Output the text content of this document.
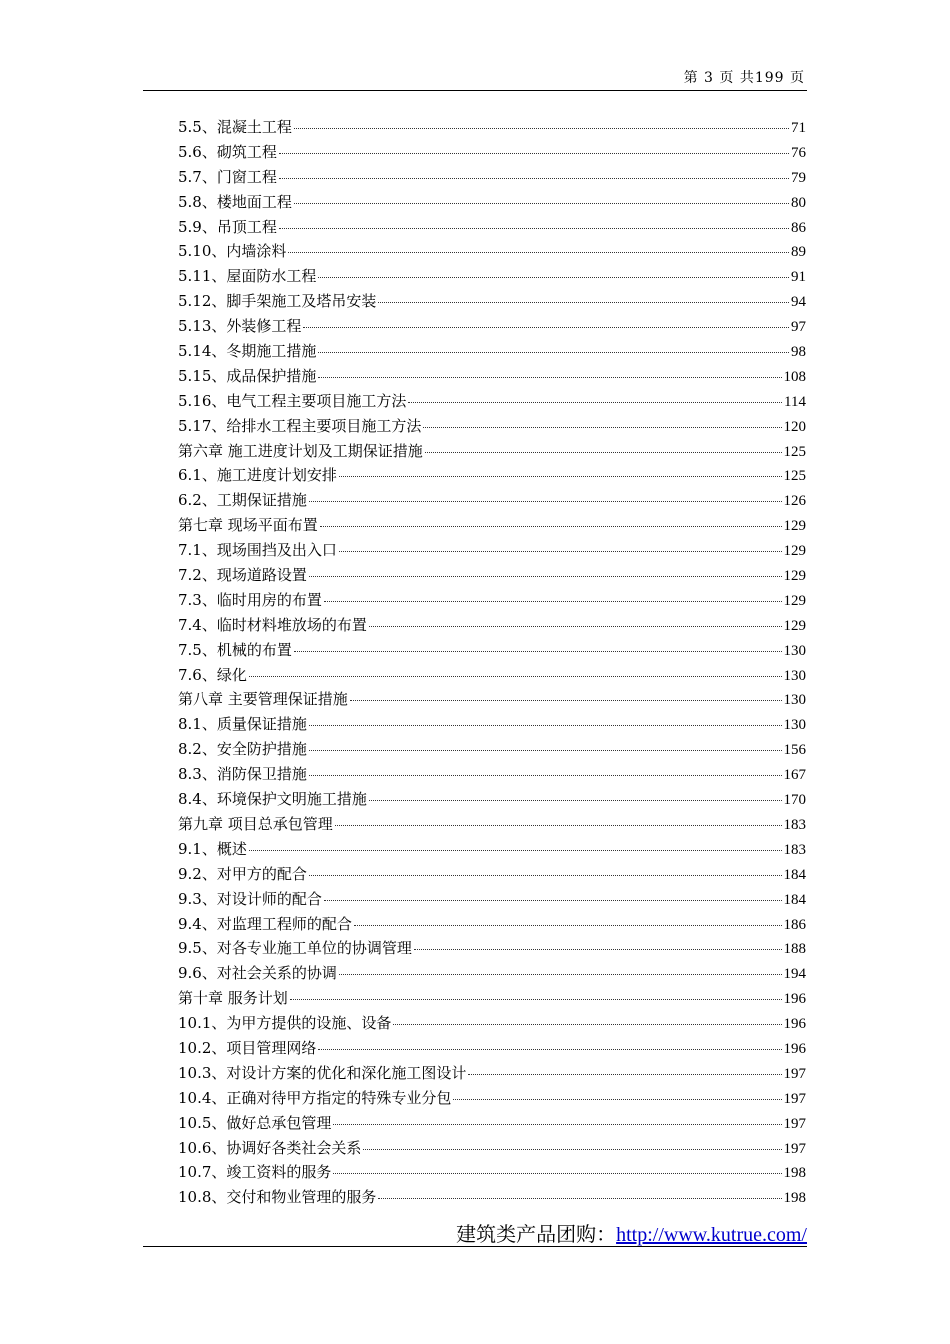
第 3 页 共199 页
5.5、混凝土工程	71
5.6、砌筑工程	76
5.7、门窗工程	79
5.8、楼地面工程	80
5.9、吊顶工程	86
5.10、内墙涂料	89
5.11、屋面防水工程	91
5.12、脚手架施工及塔吊安装	94
5.13、外装修工程	97
5.14、冬期施工措施	98
5.15、成品保护措施	108
5.16、电气工程主要项目施工方法	114
5.17、给排水工程主要项目施工方法	120
第六章 施工进度计划及工期保证措施	125
6.1、施工进度计划安排	125
6.2、工期保证措施	126
第七章 现场平面布置	129
7.1、现场围挡及出入口	129
7.2、现场道路设置	129
7.3、临时用房的布置	129
7.4、临时材料堆放场的布置	129
7.5、机械的布置	130
7.6、绿化	130
第八章 主要管理保证措施	130
8.1、质量保证措施	130
8.2、安全防护措施	156
8.3、消防保卫措施	167
8.4、环境保护文明施工措施	170
第九章 项目总承包管理	183
9.1、概述	183
9.2、对甲方的配合	184
9.3、对设计师的配合	184
9.4、对监理工程师的配合	186
9.5、对各专业施工单位的协调管理	188
9.6、对社会关系的协调	194
第十章 服务计划	196
10.1、为甲方提供的设施、设备	196
10.2、项目管理网络	196
10.3、对设计方案的优化和深化施工图设计	197
10.4、正确对待甲方指定的特殊专业分包	197
10.5、做好总承包管理	197
10.6、协调好各类社会关系	197
10.7、竣工资料的服务	198
10.8、交付和物业管理的服务	198
建筑类产品团购：http://www.kutrue.com/
